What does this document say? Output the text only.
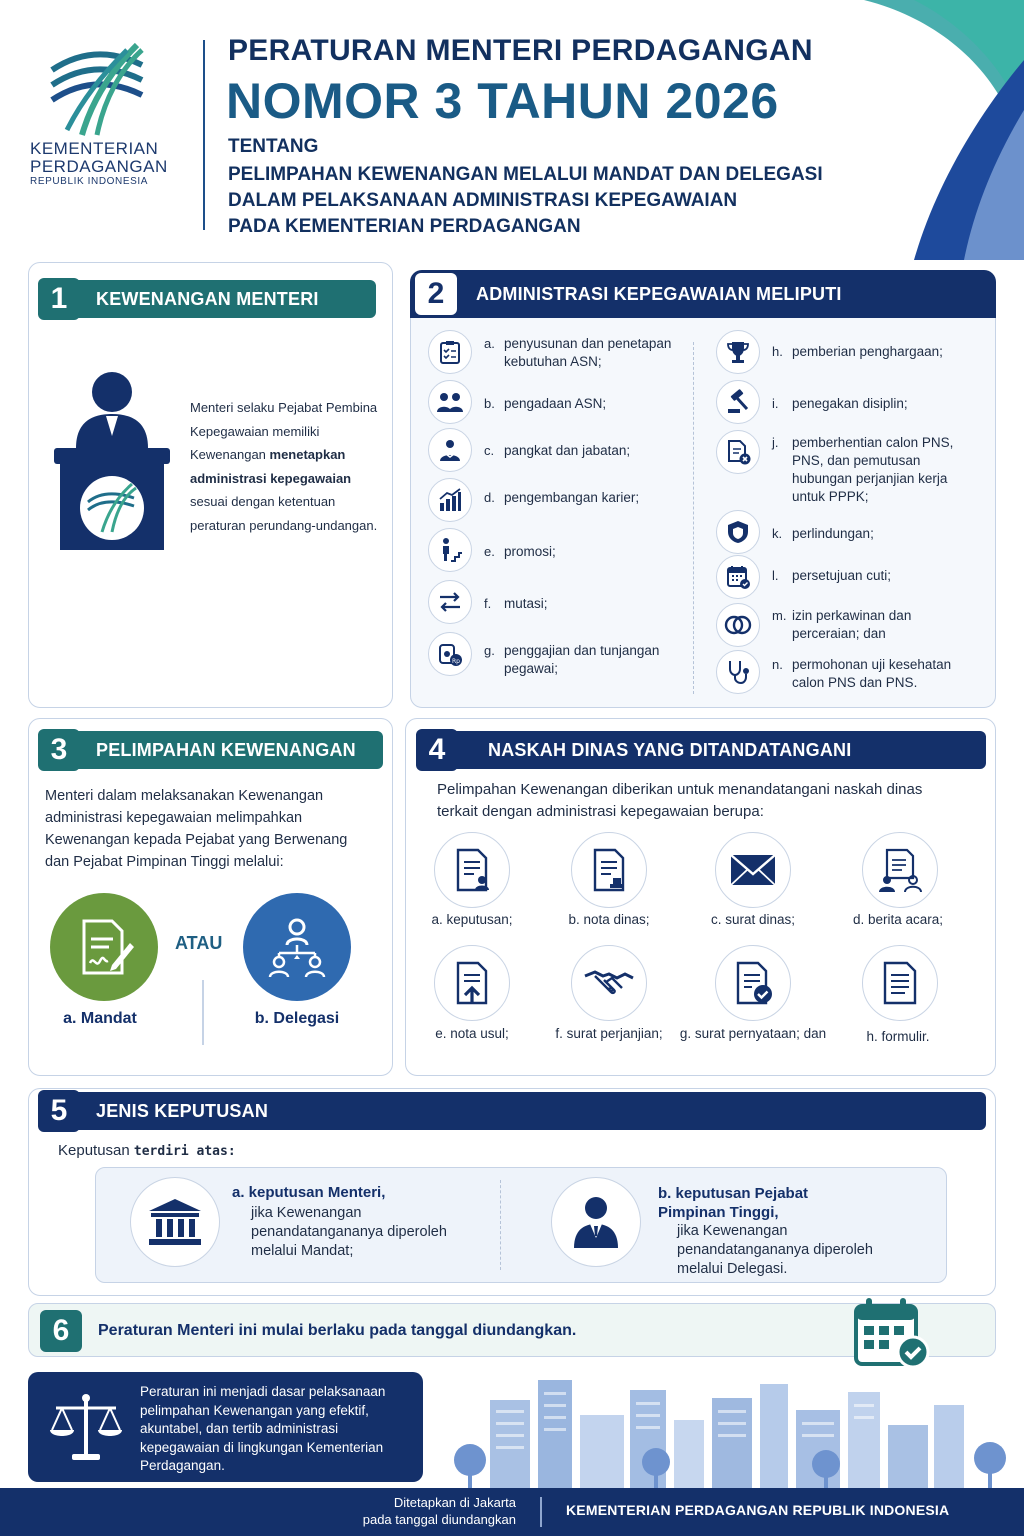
KEMENTERIAN
PERDAGANGAN
REPUBLIK INDONESIA
PERATURAN MENTERI PERDAGANGAN
NOMOR 3 TAHUN 2026
TENTANG
PELIMPAHAN KEWENANGAN MELALUI MANDAT DAN DELEGASI
DALAM PELAKSANAAN ADMINISTRASI KEPEGAWAIAN
PADA KEMENTERIAN PERDAGANGAN
1	KEWENANGAN MENTERI
Menteri selaku Pejabat Pembina Kepegawaian memiliki Kewenangan menetapkan administrasi kepegawaian sesuai dengan ketentuan peraturan perundang-undangan.
2	ADMINISTRASI KEPEGAWAIAN MELIPUTI
a. penyusunan dan penetapan kebutuhan ASN;
b. pengadaan ASN;
c. pangkat dan jabatan;
d. pengembangan karier;
e. promosi;
f. mutasi;
Rp
g. penggajian dan tunjangan pegawai;
h. pemberian penghargaan;
i. penegakan disiplin;
j. pemberhentian calon PNS, PNS, dan pemutusan hubungan perjanjian kerja untuk PPPK;
k. perlindungan;
l. persetujuan cuti;
m. izin perkawinan dan perceraian; dan
n. permohonan uji kesehatan calon PNS dan PNS.
3	PELIMPAHAN KEWENANGAN
Menteri dalam melaksanakan Kewenangan administrasi kepegawaian melimpahkan Kewenangan kepada Pejabat yang Berwenang dan Pejabat Pimpinan Tinggi melalui:
a. Mandat
ATAU
b. Delegasi
4	NASKAH DINAS YANG DITANDATANGANI
Pelimpahan Kewenangan diberikan untuk menandatangani naskah dinas terkait dengan administrasi kepegawaian berupa:
a. keputusan;	b. nota dinas;	c. surat dinas;	d. berita acara;
e. nota usul;	f. surat perjanjian;	g. surat pernyataan; dan	h. formulir.
5	JENIS KEPUTUSAN
Keputusan terdiri atas:
a. keputusan Menteri,
jika Kewenangan penandatangananya diperoleh melalui Mandat;
b. keputusan Pejabat Pimpinan Tinggi,
jika Kewenangan penandatangananya diperoleh melalui Delegasi.
6	Peraturan Menteri ini mulai berlaku pada tanggal diundangkan.
Peraturan ini menjadi dasar pelaksanaan pelimpahan Kewenangan yang efektif, akuntabel, dan tertib administrasi kepegawaian di lingkungan Kementerian Perdagangan.
Ditetapkan di Jakarta
pada tanggal diundangkan
KEMENTERIAN PERDAGANGAN REPUBLIK INDONESIA
